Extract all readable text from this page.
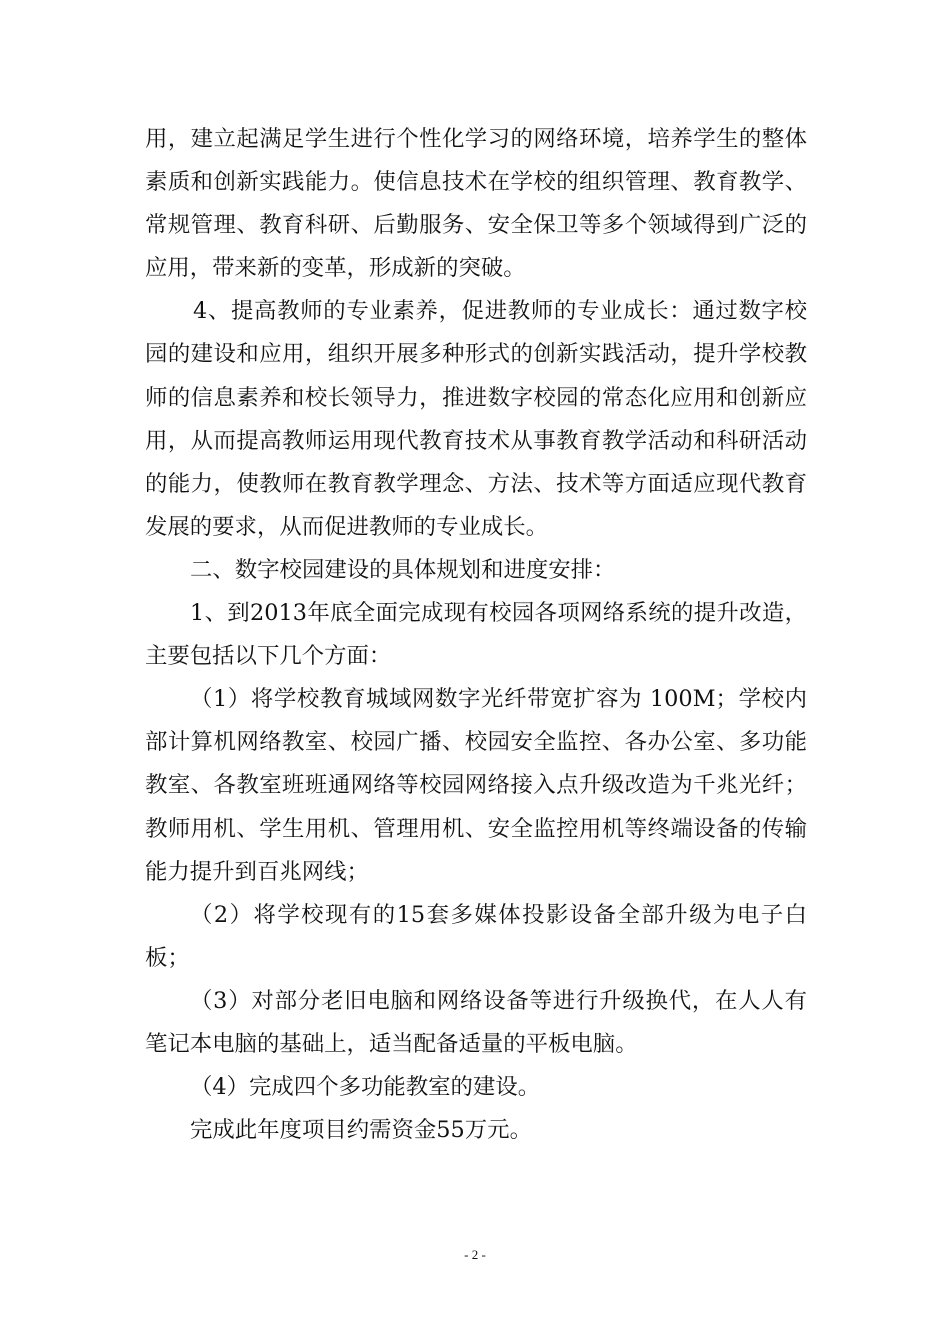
用，建立起满足学生进行个性化学习的网络环境，培养学生的整体素质和创新实践能力。使信息技术在学校的组织管理、教育教学、常规管理、教育科研、后勤服务、安全保卫等多个领域得到广泛的应用，带来新的变革，形成新的突破。

4、提高教师的专业素养，促进教师的专业成长：通过数字校园的建设和应用，组织开展多种形式的创新实践活动，提升学校教师的信息素养和校长领导力，推进数字校园的常态化应用和创新应用，从而提高教师运用现代教育技术从事教育教学活动和科研活动的能力，使教师在教育教学理念、方法、技术等方面适应现代教育发展的要求，从而促进教师的专业成长。

二、数字校园建设的具体规划和进度安排：

1、到2013年底全面完成现有校园各项网络系统的提升改造，主要包括以下几个方面：

（1）将学校教育城域网数字光纤带宽扩容为 100M；学校内部计算机网络教室、校园广播、校园安全监控、各办公室、多功能教室、各教室班班通网络等校园网络接入点升级改造为千兆光纤；教师用机、学生用机、管理用机、安全监控用机等终端设备的传输能力提升到百兆网线；

（2）将学校现有的15套多媒体投影设备全部升级为电子白板；

（3）对部分老旧电脑和网络设备等进行升级换代，在人人有笔记本电脑的基础上，适当配备适量的平板电脑。

（4）完成四个多功能教室的建设。

完成此年度项目约需资金55万元。

- 2 -
